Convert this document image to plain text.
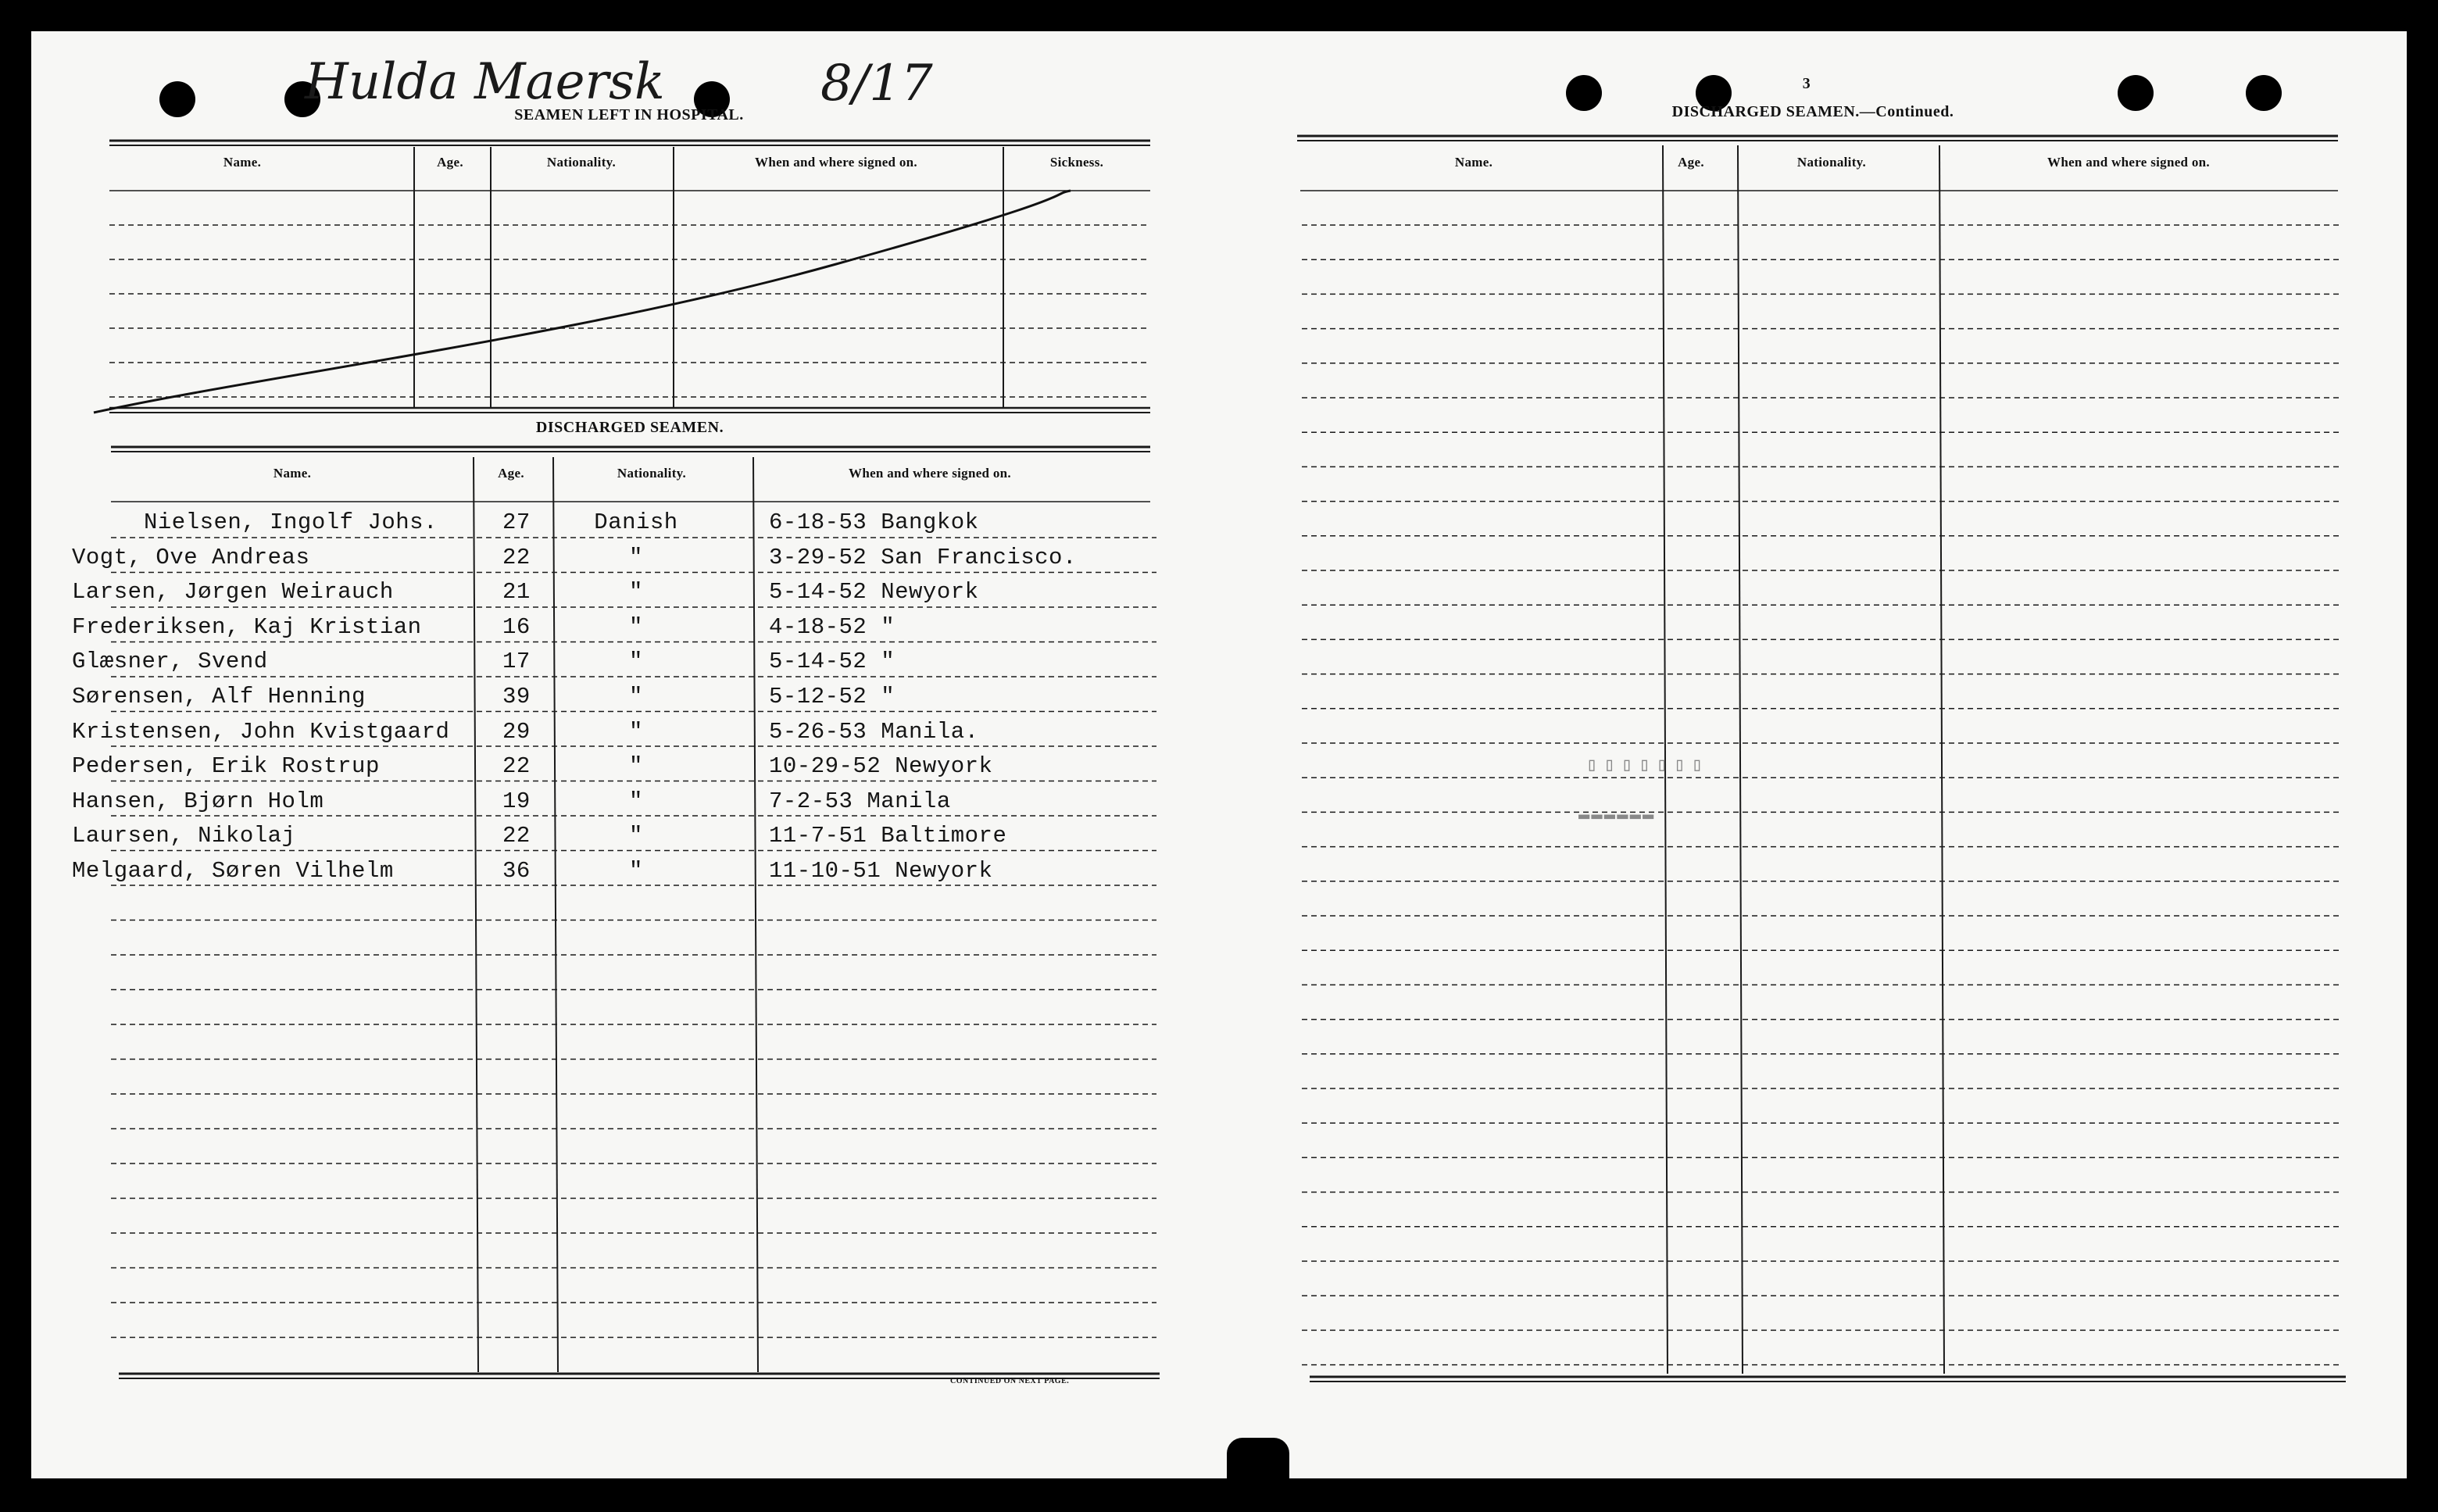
Hulda Maersk	8/17
SEAMEN LEFT IN HOSPITAL.
Name.	Age.	Nationality.	When and where signed on.	Sickness.
DISCHARGED SEAMEN.
Name.	Age.	Nationality.	When and where signed on.
Nielsen, Ingolf Johs.	27	Danish	6-18-53 Bangkok
Vogt, Ove Andreas	22	"	3-29-52 San Francisco.
Larsen, Jørgen Weirauch	21	"	5-14-52 Newyork
Frederiksen, Kaj Kristian	16	"	4-18-52 "
Glæsner, Svend	17	"	5-14-52 "
Sørensen, Alf Henning	39	"	5-12-52 "
Kristensen, John Kvistgaard 29	"	5-26-53 Manila.
Pedersen, Erik Rostrup	22	"	10-29-52 Newyork
Hansen, Bjørn Holm	19	"	7-2-53 Manila
Laursen, Nikolaj	22	"	11-7-51 Baltimore
Melgaard, Søren Vilhelm	36	"	11-10-51 Newyork
CONTINUED ON NEXT PAGE.
3
DISCHARGED SEAMEN.—Continued.
Name.	Age.	Nationality.	When and where signed on.
▯▯▯▯▯▯▯
▬▬▬▬▬▬
